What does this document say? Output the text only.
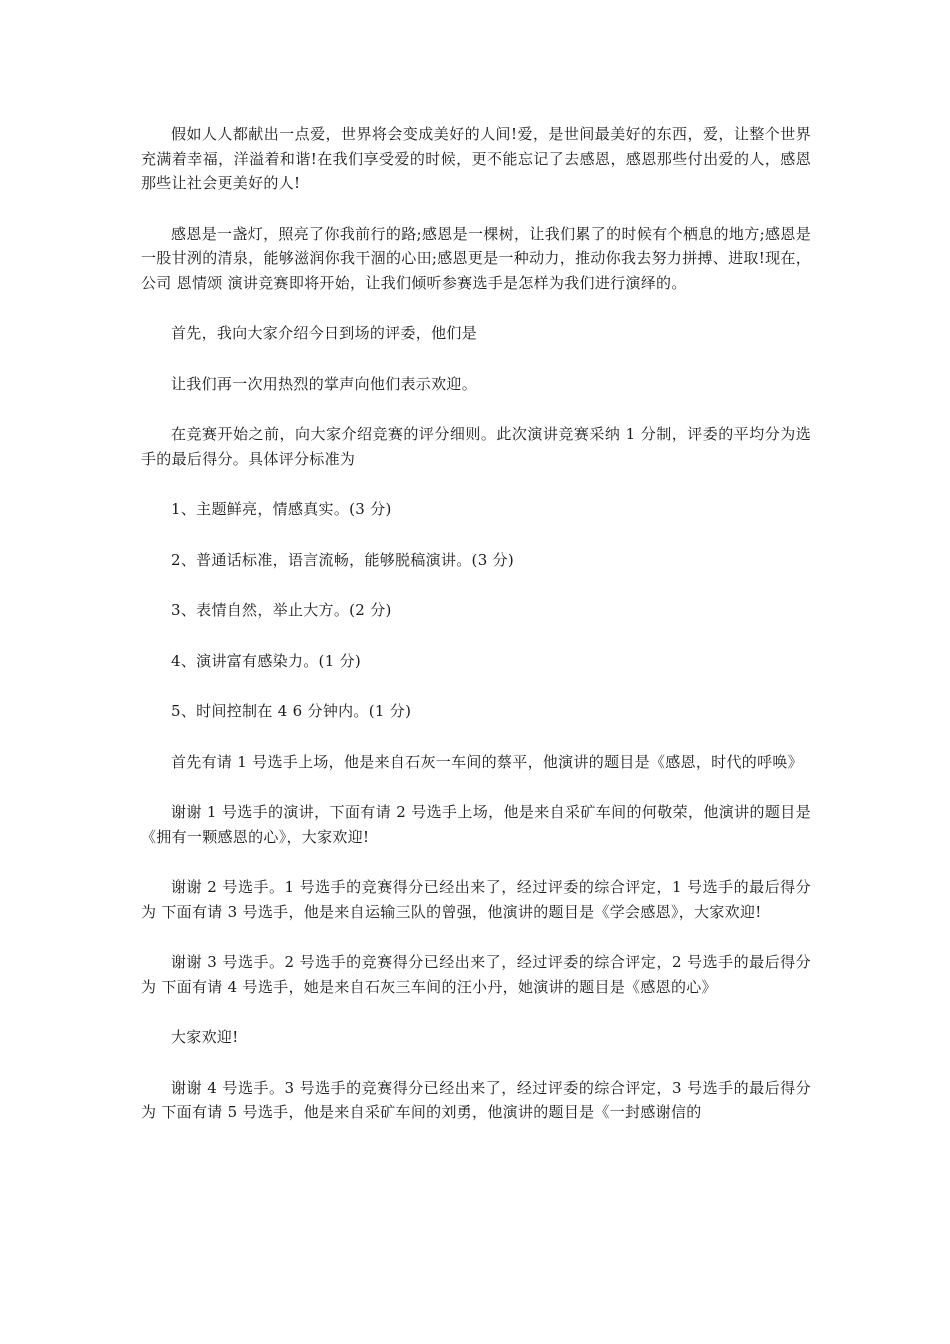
假如人人都献出一点爱，世界将会变成美好的人间!爱，是世间最美好的东西，爱，让整个世界充满着幸福，洋溢着和谐!在我们享受爱的时候，更不能忘记了去感恩，感恩那些付出爱的人，感恩那些让社会更美好的人!

感恩是一盏灯，照亮了你我前行的路;感恩是一棵树，让我们累了的时候有个栖息的地方;感恩是一股甘洌的清泉，能够滋润你我干涸的心田;感恩更是一种动力，推动你我去努力拼搏、进取!现在，公司 恩情颂 演讲竞赛即将开始，让我们倾听参赛选手是怎样为我们进行演绎的。

首先，我向大家介绍今日到场的评委，他们是

让我们再一次用热烈的掌声向他们表示欢迎。

在竞赛开始之前，向大家介绍竞赛的评分细则。此次演讲竞赛采纳 1 分制，评委的平均分为选手的最后得分。具体评分标准为

1、主题鲜亮，情感真实。(3 分)

2、普通话标准，语言流畅，能够脱稿演讲。(3 分)

3、表情自然，举止大方。(2 分)

4、演讲富有感染力。(1 分)

5、时间控制在 4 6 分钟内。(1 分)

首先有请 1 号选手上场，他是来自石灰一车间的蔡平，他演讲的题目是《感恩，时代的呼唤》

谢谢 1 号选手的演讲，下面有请 2 号选手上场，他是来自采矿车间的何敬荣，他演讲的题目是《拥有一颗感恩的心》，大家欢迎!

谢谢 2 号选手。1 号选手的竞赛得分已经出来了，经过评委的综合评定，1 号选手的最后得分为 下面有请 3 号选手，他是来自运输三队的曾强，他演讲的题目是《学会感恩》，大家欢迎!

谢谢 3 号选手。2 号选手的竞赛得分已经出来了，经过评委的综合评定，2 号选手的最后得分为 下面有请 4 号选手，她是来自石灰三车间的汪小丹，她演讲的题目是《感恩的心》

大家欢迎!

谢谢 4 号选手。3 号选手的竞赛得分已经出来了，经过评委的综合评定，3 号选手的最后得分为 下面有请 5 号选手，他是来自采矿车间的刘勇，他演讲的题目是《一封感谢信的
